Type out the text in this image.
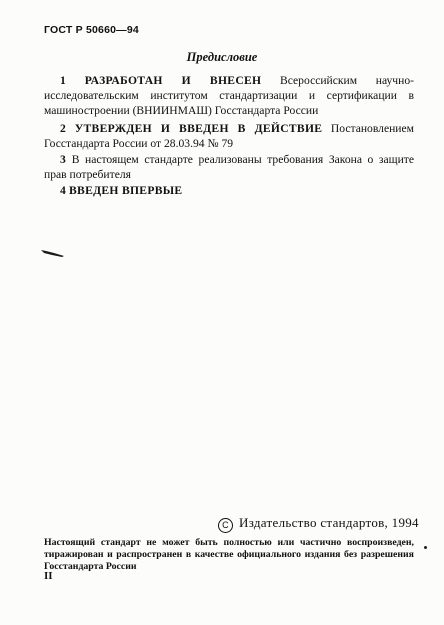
ГОСТ Р 50660—94
Предисловие
1 РАЗРАБОТАН И ВНЕСЕН Всероссийским научно-исследовательским институтом стандартизации и сертификации в машиностроении (ВНИИНМАШ) Госстандарта России
2 УТВЕРЖДЕН И ВВЕДЕН В ДЕЙСТВИЕ Постановлением Госстандарта России от 28.03.94 № 79
3 В настоящем стандарте реализованы требования Закона о защите прав потребителя
4 ВВЕДЕН ВПЕРВЫЕ
С Издательство стандартов, 1994
Настоящий стандарт не может быть полностью или частично воспроизведен, тиражирован и распространен в качестве официального издания без разрешения Госстандарта России
II
